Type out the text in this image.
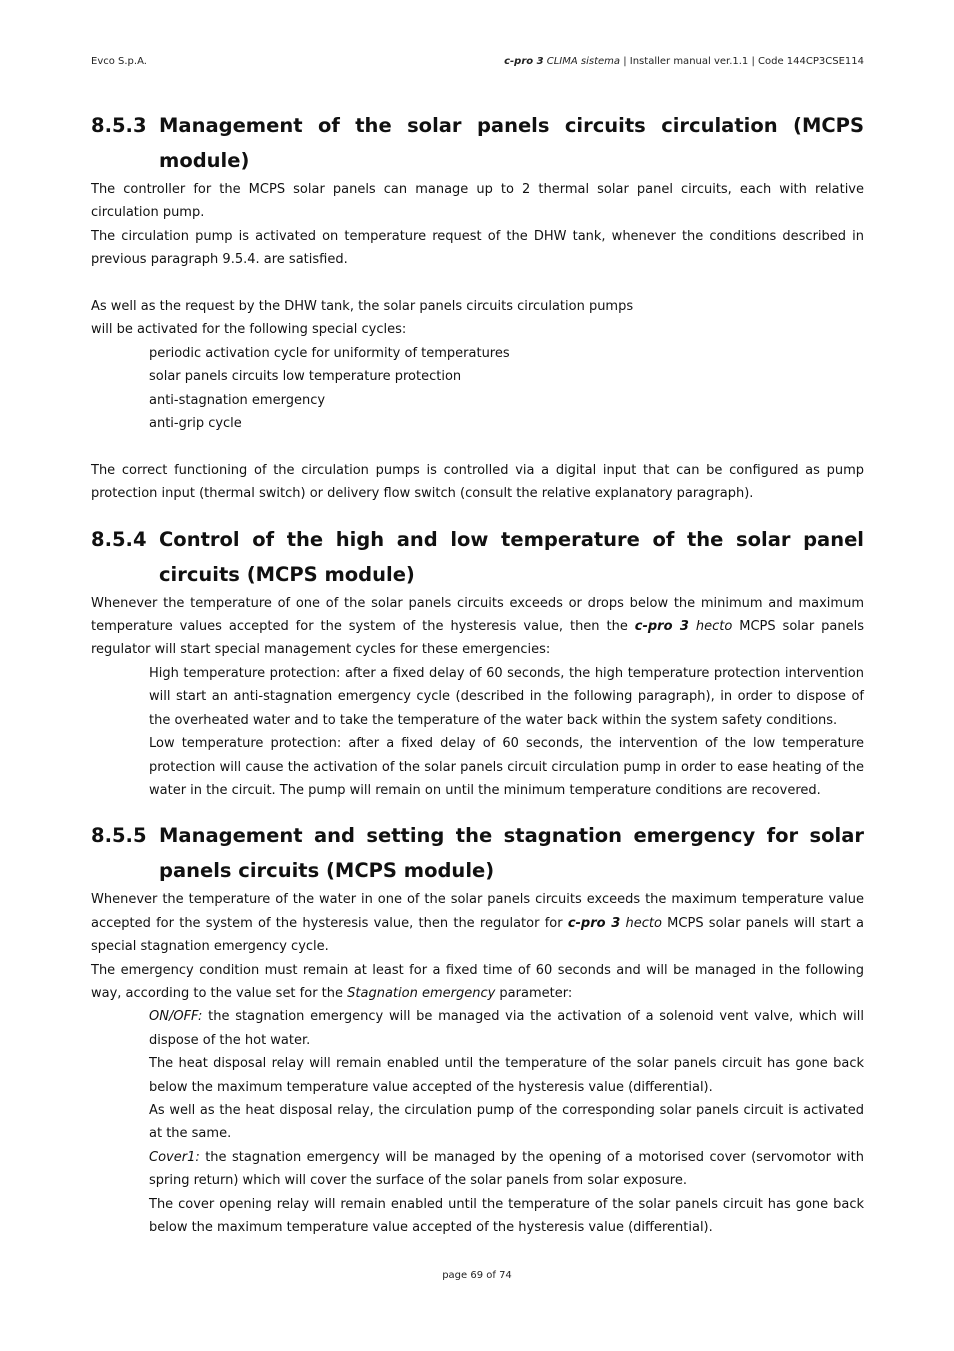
Evco S.p.A.	c-pro 3 CLIMA sistema | Installer manual ver.1.1 | Code 144CP3CSE114
8.5.3 Management of the solar panels circuits circulation (MCPS module)

The controller for the MCPS solar panels can manage up to 2 thermal solar panel circuits, each with relative circulation pump.

The circulation pump is activated on temperature request of the DHW tank, whenever the conditions described in previous paragraph 9.5.4. are satisfied.

As well as the request by the DHW tank, the solar panels circuits circulation pumps

will be activated for the following special cycles:

periodic activation cycle for uniformity of temperatures

solar panels circuits low temperature protection

anti-stagnation emergency

anti-grip cycle

The correct functioning of the circulation pumps is controlled via a digital input that can be configured as pump protection input (thermal switch) or delivery flow switch (consult the relative explanatory paragraph).

8.5.4 Control of the high and low temperature of the solar panel circuits (MCPS module)

Whenever the temperature of one of the solar panels circuits exceeds or drops below the minimum and maximum temperature values accepted for the system of the hysteresis value, then the c-pro 3 hecto MCPS solar panels regulator will start special management cycles for these emergencies:

High temperature protection: after a fixed delay of 60 seconds, the high temperature protection intervention will start an anti-stagnation emergency cycle (described in the following paragraph), in order to dispose of the overheated water and to take the temperature of the water back within the system safety conditions.

Low temperature protection: after a fixed delay of 60 seconds, the intervention of the low temperature protection will cause the activation of the solar panels circuit circulation pump in order to ease heating of the water in the circuit. The pump will remain on until the minimum temperature conditions are recovered.

8.5.5 Management and setting the stagnation emergency for solar panels circuits (MCPS module)

Whenever the temperature of the water in one of the solar panels circuits exceeds the maximum temperature value accepted for the system of the hysteresis value, then the regulator for c-pro 3 hecto MCPS solar panels will start a special stagnation emergency cycle.

The emergency condition must remain at least for a fixed time of 60 seconds and will be managed in the following way, according to the value set for the Stagnation emergency parameter:

ON/OFF: the stagnation emergency will be managed via the activation of a solenoid vent valve, which will dispose of the hot water.

The heat disposal relay will remain enabled until the temperature of the solar panels circuit has gone back below the maximum temperature value accepted of the hysteresis value (differential).

As well as the heat disposal relay, the circulation pump of the corresponding solar panels circuit is activated at the same.

Cover1: the stagnation emergency will be managed by the opening of a motorised cover (servomotor with spring return) which will cover the surface of the solar panels from solar exposure.

The cover opening relay will remain enabled until the temperature of the solar panels circuit has gone back below the maximum temperature value accepted of the hysteresis value (differential).

page 69 of 74
